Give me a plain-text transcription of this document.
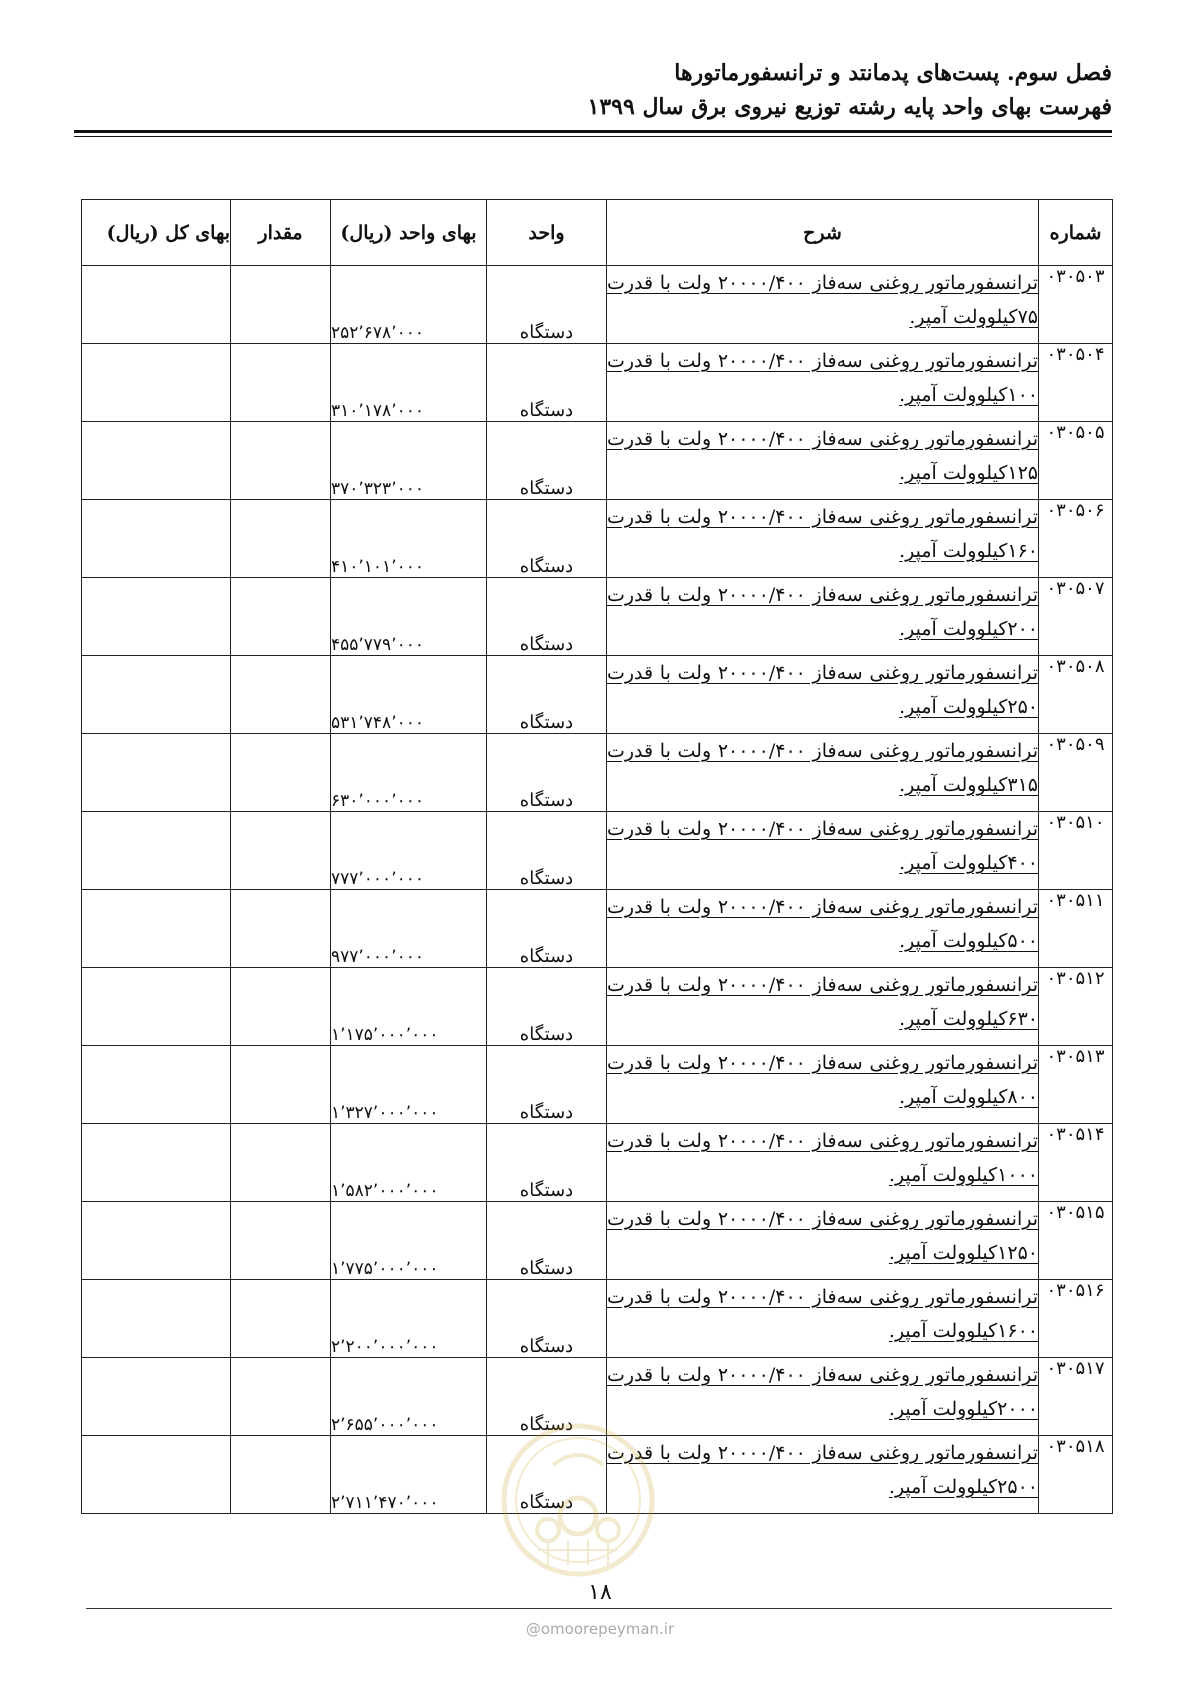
فصل سوم. پست‌های پدمانتد و ترانسفورماتورها
فهرست بهای واحد پایه رشته توزیع نیروی برق سال ۱۳۹۹
شماره	شرح	واحد	بهای واحد (ریال)	مقدار	بهای کل (ریال)
۰۳۰۵۰۳	ترانسفورماتور روغنی سه‌فاز ۲۰۰۰۰/۴۰۰ ولت با قدرت ۷۵کیلوولت آمپر.	دستگاه	۲۵۲٬۶۷۸٬۰۰۰		
۰۳۰۵۰۴	ترانسفورماتور روغنی سه‌فاز ۲۰۰۰۰/۴۰۰ ولت با قدرت ۱۰۰کیلوولت آمپر.	دستگاه	۳۱۰٬۱۷۸٬۰۰۰		
۰۳۰۵۰۵	ترانسفورماتور روغنی سه‌فاز ۲۰۰۰۰/۴۰۰ ولت با قدرت ۱۲۵کیلوولت آمپر.	دستگاه	۳۷۰٬۳۲۳٬۰۰۰		
۰۳۰۵۰۶	ترانسفورماتور روغنی سه‌فاز ۲۰۰۰۰/۴۰۰ ولت با قدرت ۱۶۰کیلوولت آمپر.	دستگاه	۴۱۰٬۱۰۱٬۰۰۰		
۰۳۰۵۰۷	ترانسفورماتور روغنی سه‌فاز ۲۰۰۰۰/۴۰۰ ولت با قدرت ۲۰۰کیلوولت آمپر.	دستگاه	۴۵۵٬۷۷۹٬۰۰۰		
۰۳۰۵۰۸	ترانسفورماتور روغنی سه‌فاز ۲۰۰۰۰/۴۰۰ ولت با قدرت ۲۵۰کیلوولت آمپر.	دستگاه	۵۳۱٬۷۴۸٬۰۰۰		
۰۳۰۵۰۹	ترانسفورماتور روغنی سه‌فاز ۲۰۰۰۰/۴۰۰ ولت با قدرت ۳۱۵کیلوولت آمپر.	دستگاه	۶۳۰٬۰۰۰٬۰۰۰		
۰۳۰۵۱۰	ترانسفورماتور روغنی سه‌فاز ۲۰۰۰۰/۴۰۰ ولت با قدرت ۴۰۰کیلوولت آمپر.	دستگاه	۷۷۷٬۰۰۰٬۰۰۰		
۰۳۰۵۱۱	ترانسفورماتور روغنی سه‌فاز ۲۰۰۰۰/۴۰۰ ولت با قدرت ۵۰۰کیلوولت آمپر.	دستگاه	۹۷۷٬۰۰۰٬۰۰۰		
۰۳۰۵۱۲	ترانسفورماتور روغنی سه‌فاز ۲۰۰۰۰/۴۰۰ ولت با قدرت ۶۳۰کیلوولت آمپر.	دستگاه	۱٬۱۷۵٬۰۰۰٬۰۰۰		
۰۳۰۵۱۳	ترانسفورماتور روغنی سه‌فاز ۲۰۰۰۰/۴۰۰ ولت با قدرت ۸۰۰کیلوولت آمپر.	دستگاه	۱٬۳۲۷٬۰۰۰٬۰۰۰		
۰۳۰۵۱۴	ترانسفورماتور روغنی سه‌فاز ۲۰۰۰۰/۴۰۰ ولت با قدرت ۱۰۰۰کیلوولت آمپر.	دستگاه	۱٬۵۸۲٬۰۰۰٬۰۰۰		
۰۳۰۵۱۵	ترانسفورماتور روغنی سه‌فاز ۲۰۰۰۰/۴۰۰ ولت با قدرت ۱۲۵۰کیلوولت آمپر.	دستگاه	۱٬۷۷۵٬۰۰۰٬۰۰۰		
۰۳۰۵۱۶	ترانسفورماتور روغنی سه‌فاز ۲۰۰۰۰/۴۰۰ ولت با قدرت ۱۶۰۰کیلوولت آمپر.	دستگاه	۲٬۲۰۰٬۰۰۰٬۰۰۰		
۰۳۰۵۱۷	ترانسفورماتور روغنی سه‌فاز ۲۰۰۰۰/۴۰۰ ولت با قدرت ۲۰۰۰کیلوولت آمپر.	دستگاه	۲٬۶۵۵٬۰۰۰٬۰۰۰		
۰۳۰۵۱۸	ترانسفورماتور روغنی سه‌فاز ۲۰۰۰۰/۴۰۰ ولت با قدرت ۲۵۰۰کیلوولت آمپر.	دستگاه	۲٬۷۱۱٬۴۷۰٬۰۰۰		
۱۸
@omoorepeyman.ir
